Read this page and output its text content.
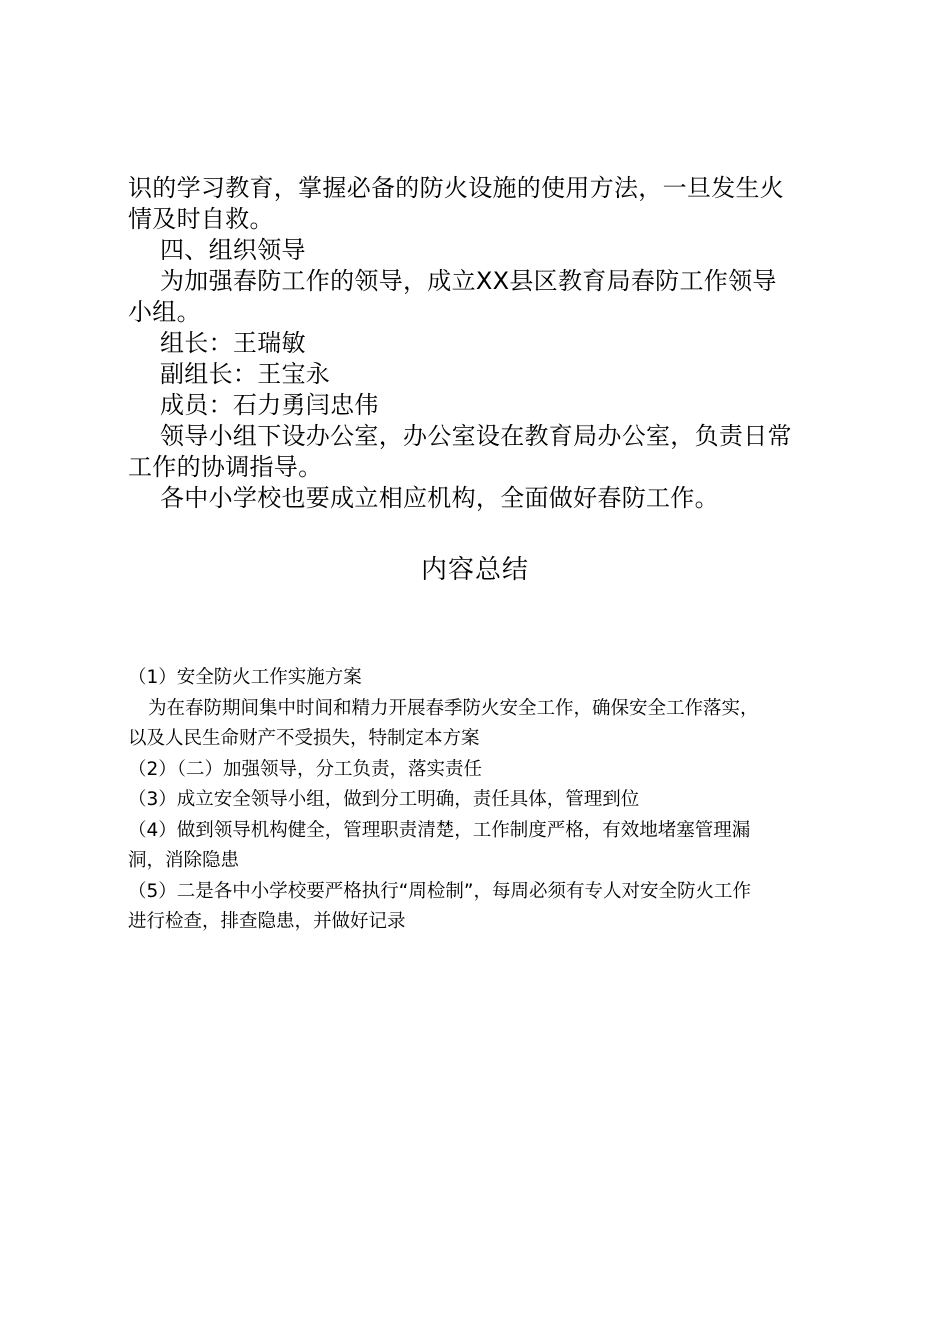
识的学习教育，掌握必备的防火设施的使用方法，一旦发生火

情及时自救。

四、组织领导

为加强春防工作的领导，成立XX县区教育局春防工作领导

小组。

组长：王瑞敏

副组长：王宝永

成员：石力勇闫忠伟

领导小组下设办公室，办公室设在教育局办公室，负责日常

工作的协调指导。

各中小学校也要成立相应机构，全面做好春防工作。

内容总结

（1）安全防火工作实施方案

为在春防期间集中时间和精力开展春季防火安全工作，确保安全工作落实，

以及人民生命财产不受损失，特制定本方案

（2）（二）加强领导，分工负责，落实责任

（3）成立安全领导小组，做到分工明确，责任具体，管理到位

（4）做到领导机构健全，管理职责清楚，工作制度严格，有效地堵塞管理漏

洞，消除隐患

（5）二是各中小学校要严格执行“周检制”，每周必须有专人对安全防火工作

进行检查，排查隐患，并做好记录
